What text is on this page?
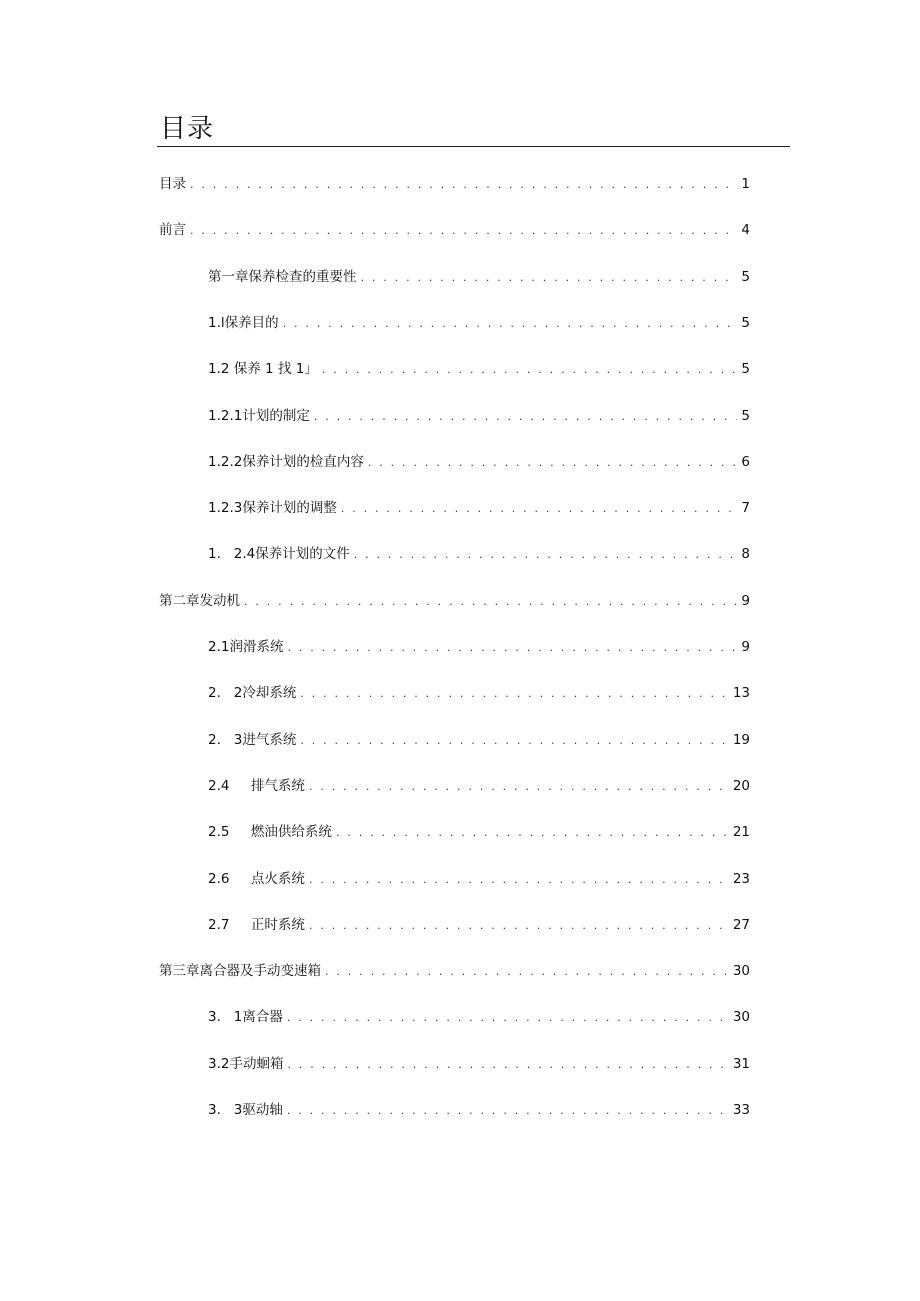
目录
目录 . . .	1
前言 . . .	4
第一章保养检查的重要性 . . .	5
1.l保养目的 . . .	5
1.2 保养 1 找 1」 . . .	5
1.2.1计划的制定 . . .	5
1.2.2保养计划的检直内容 . . .	6
1.2.3保养计划的调整 . . .	7
1.   2.4保养计划的文件 . . .	8
第二章发动机 . . .	9
2.1润滑系统 . . .	9
2.   2冷却系统 . . .	13
2.   3进气系统 . . .	19
2.4     排气系统 . . .	20
2.5     燃油供给系统 . . .	21
2.6     点火系统 . . .	23
2.7     正时系统 . . .	27
第三章离合器及手动变速箱 . . .	30
3.   1离合器 . . .	30
3.2手动蛔箱 . . .	31
3.   3驱动轴 . . .	33
